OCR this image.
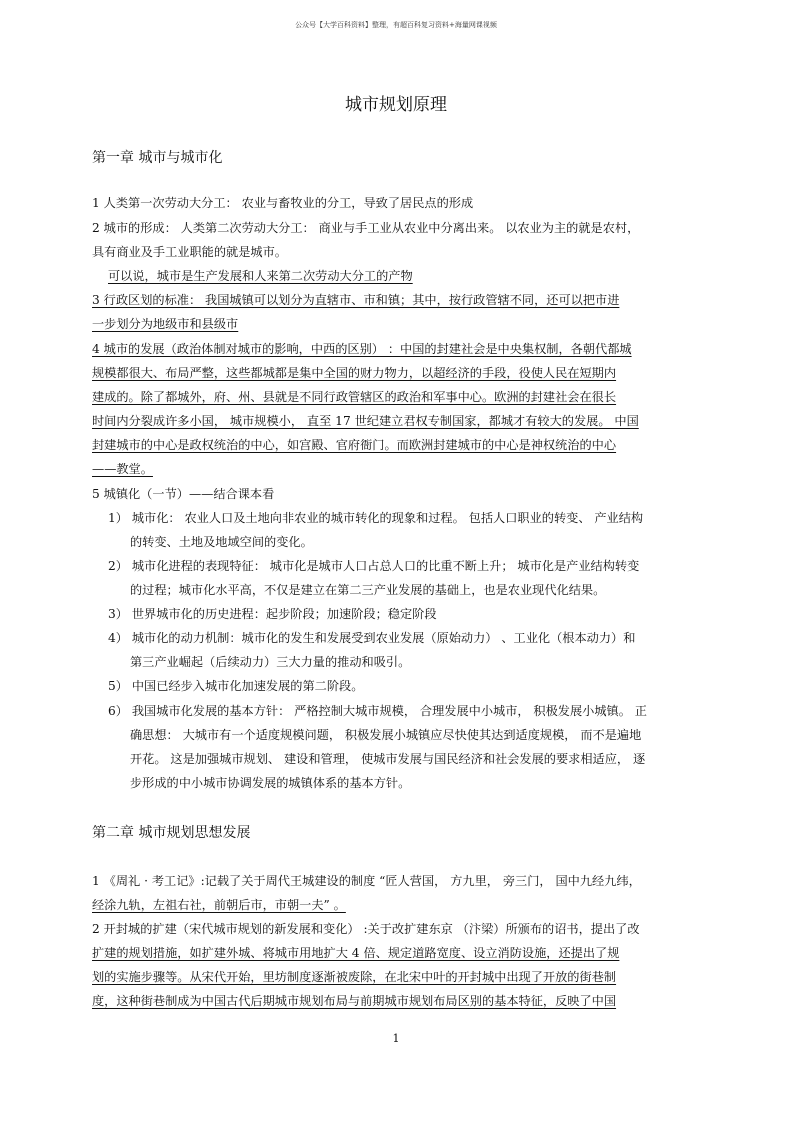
公众号【大学百科资料】整理，有超百科复习资料+海量网课视频
城市规划原理
第一章 城市与城市化
1 人类第一次劳动大分工： 农业与畜牧业的分工，导致了居民点的形成
2 城市的形成： 人类第二次劳动大分工： 商业与手工业从农业中分离出来。 以农业为主的就是农村，
具有商业及手工业职能的就是城市。
可以说，城市是生产发展和人来第二次劳动大分工的产物
3 行政区划的标准： 我国城镇可以划分为直辖市、市和镇；其中，按行政管辖不同，还可以把市进
一步划分为地级市和县级市
4 城市的发展（政治体制对城市的影响，中西的区别） ：中国的封建社会是中央集权制，各朝代都城
规模都很大、布局严整，这些都城都是集中全国的财力物力，以超经济的手段，役使人民在短期内
建成的。除了都城外，府、州、县就是不同行政管辖区的政治和军事中心。欧洲的封建社会在很长
时间内分裂成许多小国， 城市规模小， 直至 17 世纪建立君权专制国家，都城才有较大的发展。 中国
封建城市的中心是政权统治的中心，如宫殿、官府衙门。而欧洲封建城市的中心是神权统治的中心
——教堂。
5 城镇化（一节）——结合课本看
1） 城市化： 农业人口及土地向非农业的城市转化的现象和过程。 包括人口职业的转变、 产业结构
的转变、土地及地域空间的变化。
2） 城市化进程的表现特征： 城市化是城市人口占总人口的比重不断上升； 城市化是产业结构转变
的过程；城市化水平高，不仅是建立在第二三产业发展的基础上，也是农业现代化结果。
3） 世界城市化的历史进程：起步阶段；加速阶段；稳定阶段
4） 城市化的动力机制：城市化的发生和发展受到农业发展（原始动力） 、工业化（根本动力）和
第三产业崛起（后续动力）三大力量的推动和吸引。
5） 中国已经步入城市化加速发展的第二阶段。
6） 我国城市化发展的基本方针： 严格控制大城市规模， 合理发展中小城市， 积极发展小城镇。 正
确思想： 大城市有一个适度规模问题， 积极发展小城镇应尽快使其达到适度规模， 而不是遍地
开花。 这是加强城市规划、 建设和管理， 使城市发展与国民经济和社会发展的要求相适应， 逐
步形成的中小城市协调发展的城镇体系的基本方针。
第二章 城市规划思想发展
1 《周礼 · 考工记》:记载了关于周代王城建设的制度 “匠人营国， 方九里， 旁三门， 国中九经九纬，
经涂九轨，左祖右社，前朝后市，市朝一夫” 。
2 开封城的扩建（宋代城市规划的新发展和变化） :关于改扩建东京 （汴梁）所颁布的诏书，提出了改
扩建的规划措施，如扩建外城、将城市用地扩大 4 倍、规定道路宽度、设立消防设施，还提出了规
划的实施步骤等。从宋代开始，里坊制度逐渐被废除，在北宋中叶的开封城中出现了开放的街巷制
度，这种街巷制成为中国古代后期城市规划布局与前期城市规划布局区别的基本特征，反映了中国
1
